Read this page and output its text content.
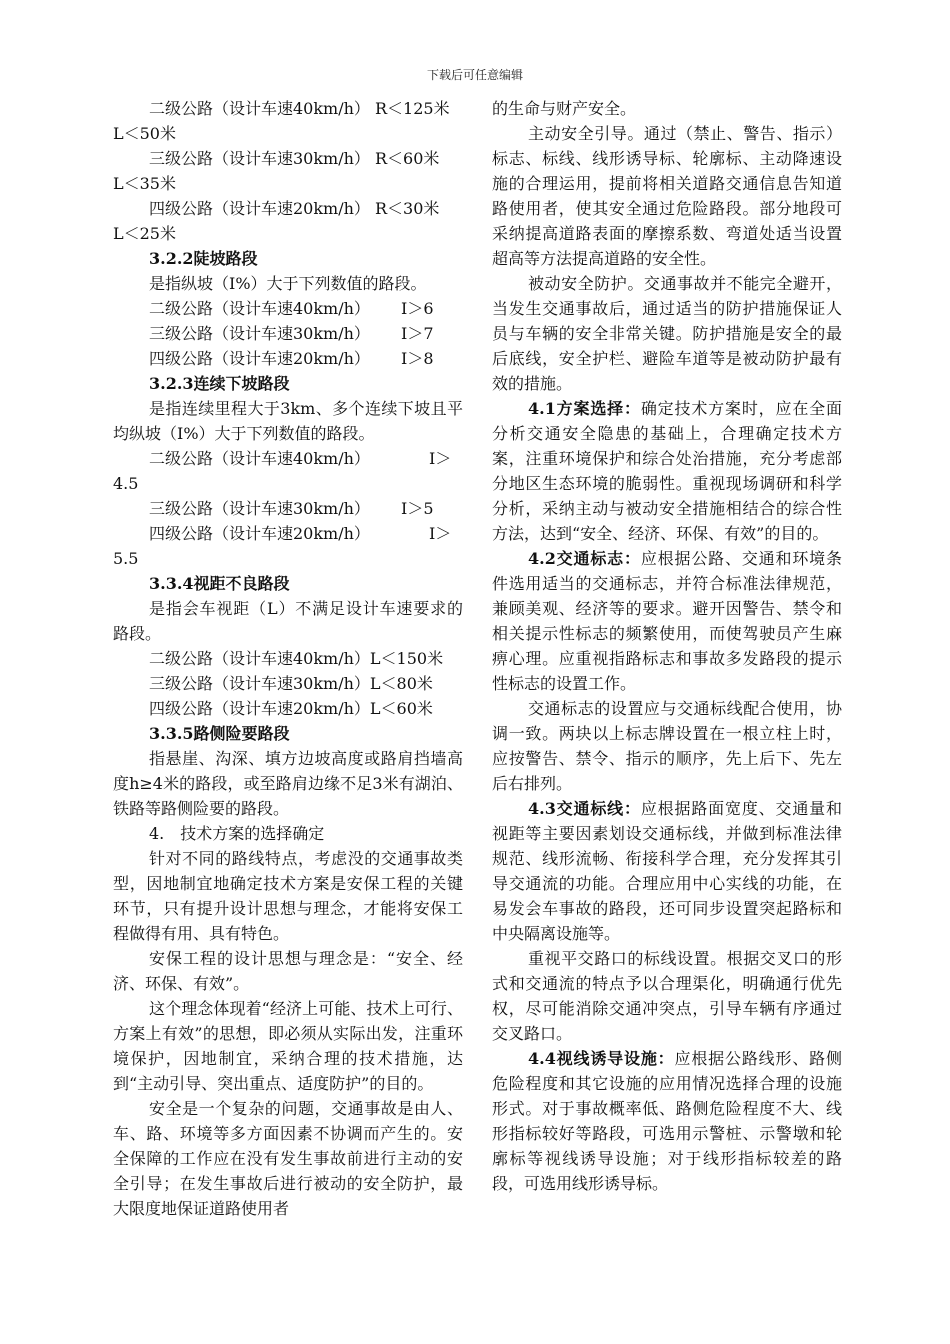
下载后可任意编辑

二级公路（设计车速40km/h） R＜125米

L＜50米

三级公路（设计车速30km/h） R＜60米

L＜35米

四级公路（设计车速20km/h） R＜30米

L＜25米

3.2.2陡坡路段

是指纵坡（I%）大于下列数值的路段。

二级公路（设计车速40km/h）	I＞6

三级公路（设计车速30km/h）	I＞7

四级公路（设计车速20km/h）	I＞8

3.2.3连续下坡路段

是指连续里程大于3km、多个连续下坡且平均纵坡（I%）大于下列数值的路段。

二级公路（设计车速40km/h）	I＞

4.5

三级公路（设计车速30km/h）	I＞5

四级公路（设计车速20km/h）	I＞

5.5

3.3.4视距不良路段

是指会车视距（L）不满足设计车速要求的路段。

二级公路（设计车速40km/h）L＜150米

三级公路（设计车速30km/h）L＜80米

四级公路（设计车速20km/h）L＜60米

3.3.5路侧险要路段

指悬崖、沟深、填方边坡高度或路肩挡墙高度h≥4米的路段，或至路肩边缘不足3米有湖泊、铁路等路侧险要的路段。

4.　技术方案的选择确定

针对不同的路线特点，考虑没的交通事故类型，因地制宜地确定技术方案是安保工程的关键环节，只有提升设计思想与理念，才能将安保工程做得有用、具有特色。

安保工程的设计思想与理念是：“安全、经济、环保、有效”。

这个理念体现着“经济上可能、技术上可行、方案上有效”的思想，即必须从实际出发，注重环境保护，因地制宜，采纳合理的技术措施，达到“主动引导、突出重点、适度防护”的目的。

安全是一个复杂的问题，交通事故是由人、车、路、环境等多方面因素不协调而产生的。安全保障的工作应在没有发生事故前进行主动的安全引导；在发生事故后进行被动的安全防护，最大限度地保证道路使用者

的生命与财产安全。

主动安全引导。通过（禁止、警告、指示）标志、标线、线形诱导标、轮廓标、主动降速设施的合理运用，提前将相关道路交通信息告知道路使用者，使其安全通过危险路段。部分地段可采纳提高道路表面的摩擦系数、弯道处适当设置超高等方法提高道路的安全性。

被动安全防护。交通事故并不能完全避开，当发生交通事故后，通过适当的防护措施保证人员与车辆的安全非常关键。防护措施是安全的最后底线，安全护栏、避险车道等是被动防护最有效的措施。

4.1方案选择：确定技术方案时，应在全面分析交通安全隐患的基础上，合理确定技术方案，注重环境保护和综合处治措施，充分考虑部分地区生态环境的脆弱性。重视现场调研和科学分析，采纳主动与被动安全措施相结合的综合性方法，达到“安全、经济、环保、有效”的目的。

4.2交通标志：应根据公路、交通和环境条件选用适当的交通标志，并符合标准法律规范，兼顾美观、经济等的要求。避开因警告、禁令和相关提示性标志的频繁使用，而使驾驶员产生麻痹心理。应重视指路标志和事故多发路段的提示性标志的设置工作。

交通标志的设置应与交通标线配合使用，协调一致。两块以上标志牌设置在一根立柱上时，应按警告、禁令、指示的顺序，先上后下、先左后右排列。

4.3交通标线：应根据路面宽度、交通量和视距等主要因素划设交通标线，并做到标准法律规范、线形流畅、衔接科学合理，充分发挥其引导交通流的功能。合理应用中心实线的功能，在易发会车事故的路段，还可同步设置突起路标和中央隔离设施等。

重视平交路口的标线设置。根据交叉口的形式和交通流的特点予以合理渠化，明确通行优先权，尽可能消除交通冲突点，引导车辆有序通过交叉路口。

4.4视线诱导设施：应根据公路线形、路侧危险程度和其它设施的应用情况选择合理的设施形式。对于事故概率低、路侧危险程度不大、线形指标较好等路段，可选用示警桩、示警墩和轮廓标等视线诱导设施；对于线形指标较差的路段，可选用线形诱导标。
